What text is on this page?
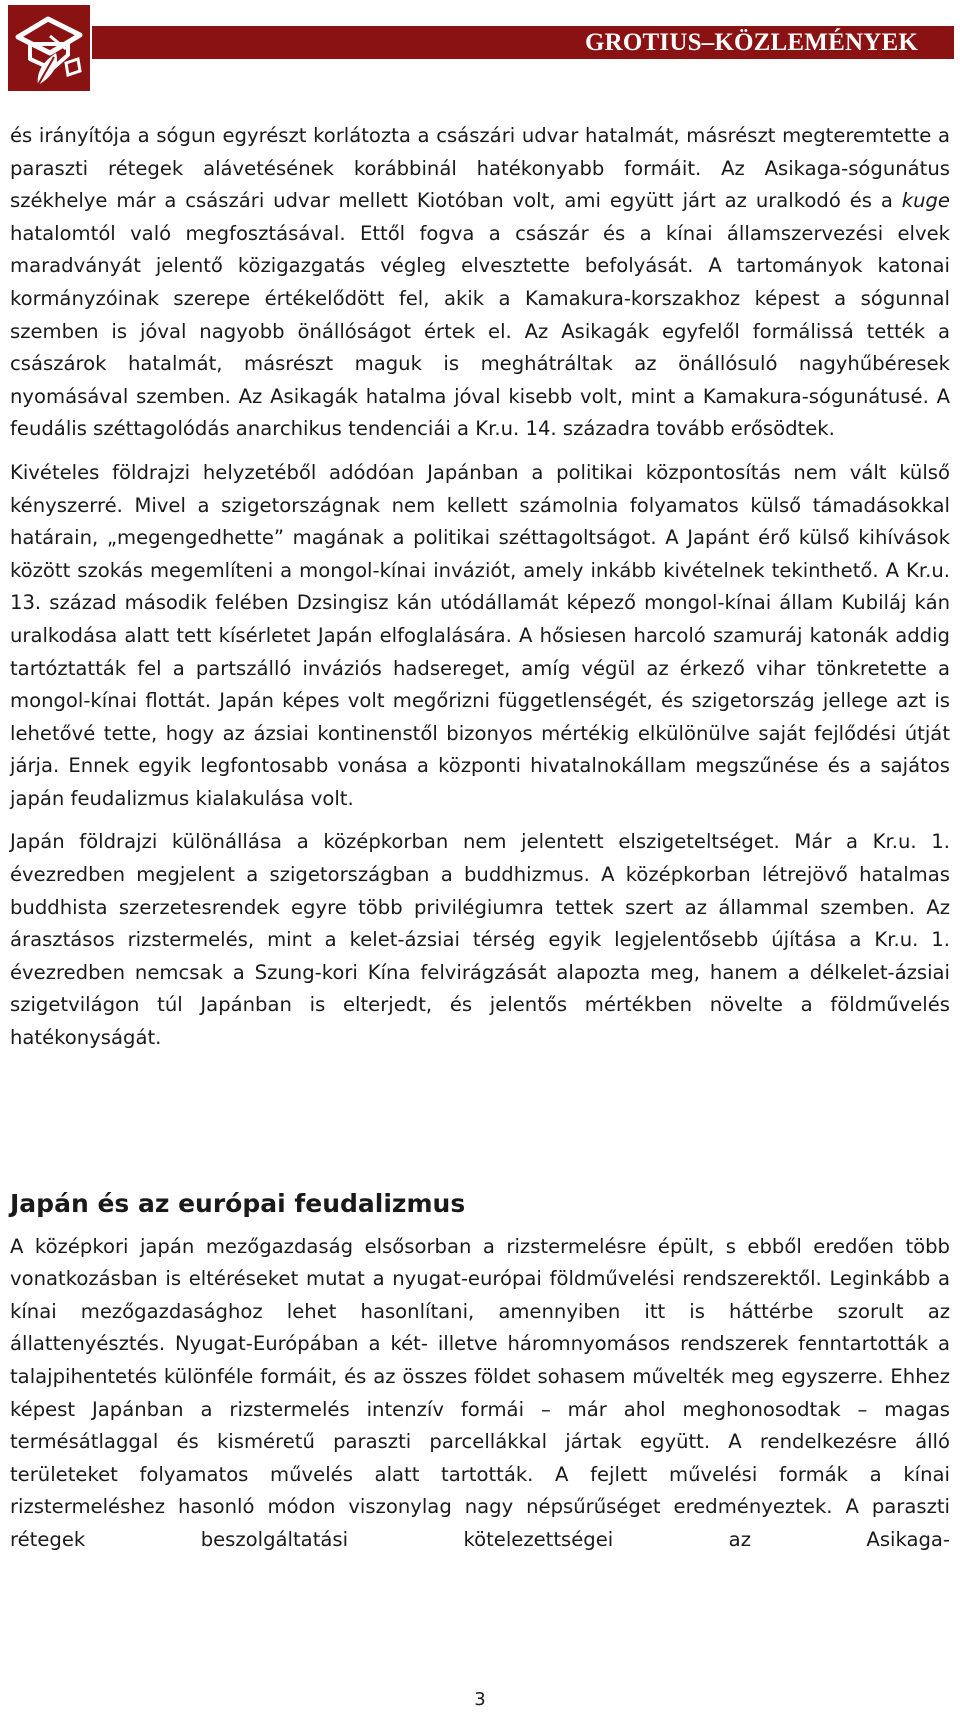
GROTIUS–KÖZLEMÉNYEK

és irányítója a sógun egyrészt korlátozta a császári udvar hatalmát, másrészt megteremtette a paraszti rétegek alávetésének korábbinál hatékonyabb formáit. Az Asikaga-sógunátus székhelye már a császári udvar mellett Kiotóban volt, ami együtt járt az uralkodó és a kuge hatalomtól való megfosztásával. Ettől fogva a császár és a kínai államszervezési elvek maradványát jelentő közigazgatás végleg elvesztette befolyását. A tartományok katonai kormányzóinak szerepe értékelődött fel, akik a Kamakura-korszakhoz képest a sógunnal szemben is jóval nagyobb önállóságot értek el. Az Asikagák egyfelől formálissá tették a császárok hatalmát, másrészt maguk is meghátráltak az önállósuló nagyhűbéresek nyomásával szemben. Az Asikagák hatalma jóval kisebb volt, mint a Kamakura-sógunátusé. A feudális széttagolódás anarchikus tendenciái a Kr.u. 14. századra tovább erősödtek.

Kivételes földrajzi helyzetéből adódóan Japánban a politikai központosítás nem vált külső kényszerré. Mivel a szigetországnak nem kellett számolnia folyamatos külső támadásokkal határain, „megengedhette” magának a politikai széttagoltságot. A Japánt érő külső kihívások között szokás megemlíteni a mongol-kínai inváziót, amely inkább kivételnek tekinthető. A Kr.u. 13. század második felében Dzsingisz kán utódállamát képező mongol-kínai állam Kubiláj kán uralkodása alatt tett kísérletet Japán elfoglalására. A hősiesen harcoló szamuráj katonák addig tartóztatták fel a partszálló inváziós hadsereget, amíg végül az érkező vihar tönkretette a mongol-kínai flottát. Japán képes volt megőrizni függetlenségét, és szigetország jellege azt is lehetővé tette, hogy az ázsiai kontinenstől bizonyos mértékig elkülönülve saját fejlődési útját járja. Ennek egyik legfontosabb vonása a központi hivatalnokállam megszűnése és a sajátos japán feudalizmus kialakulása volt.

Japán földrajzi különállása a középkorban nem jelentett elszigeteltséget. Már a Kr.u. 1. évezredben megjelent a szigetországban a buddhizmus. A középkorban létrejövő hatalmas buddhista szerzetesrendek egyre több privilégiumra tettek szert az állammal szemben. Az árasztásos rizstermelés, mint a kelet-ázsiai térség egyik legjelentősebb újítása a Kr.u. 1. évezredben nemcsak a Szung-kori Kína felvirágzását alapozta meg, hanem a délkelet-ázsiai szigetvilágon túl Japánban is elterjedt, és jelentős mértékben növelte a földművelés hatékonyságát.

Japán és az európai feudalizmus

A középkori japán mezőgazdaság elsősorban a rizstermelésre épült, s ebből eredően több vonatkozásban is eltéréseket mutat a nyugat-európai földművelési rendszerektől. Leginkább a kínai mezőgazdasághoz lehet hasonlítani, amennyiben itt is háttérbe szorult az állattenyésztés. Nyugat-Európában a két- illetve háromnyomásos rendszerek fenntartották a talajpihentetés különféle formáit, és az összes földet sohasem művelték meg egyszerre. Ehhez képest Japánban a rizstermelés intenzív formái – már ahol meghonosodtak – magas termésátlaggal és kisméretű paraszti parcellákkal jártak együtt. A rendelkezésre álló területeket folyamatos művelés alatt tartották. A fejlett művelési formák a kínai rizstermeléshez hasonló módon viszonylag nagy népsűrűséget eredményeztek. A paraszti rétegek beszolgáltatási kötelezettségei az Asikaga-

3
